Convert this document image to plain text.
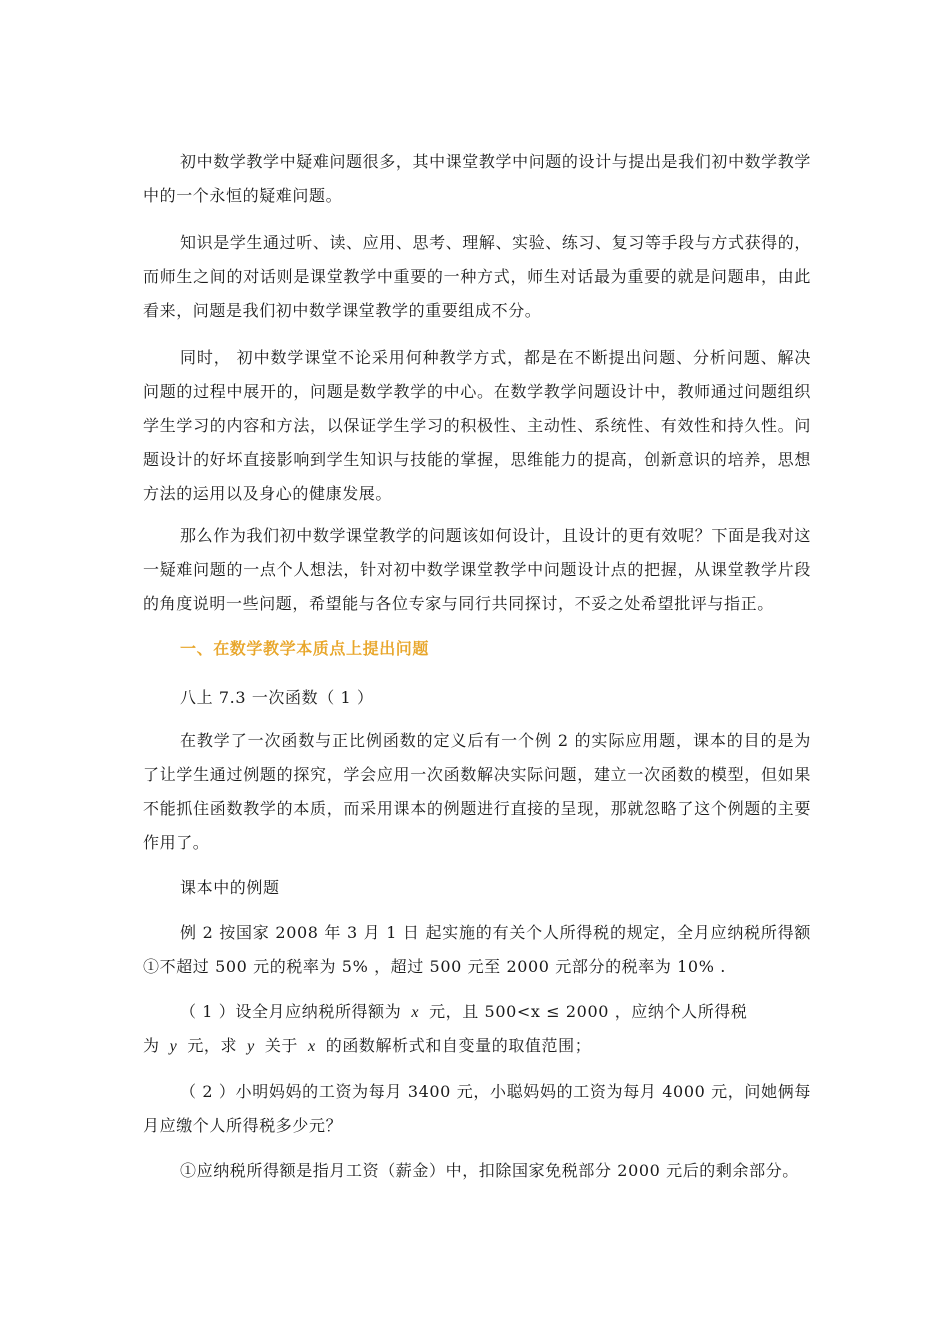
初中数学教学中疑难问题很多，其中课堂教学中问题的设计与提出是我们初中数学教学中的一个永恒的疑难问题。

知识是学生通过听、读、应用、思考、理解、实验、练习、复习等手段与方式获得的，而师生之间的对话则是课堂教学中重要的一种方式，师生对话最为重要的就是问题串，由此看来，问题是我们初中数学课堂教学的重要组成不分。

同时， 初中数学课堂不论采用何种教学方式，都是在不断提出问题、分析问题、解决问题的过程中展开的，问题是数学教学的中心。在数学教学问题设计中，教师通过问题组织学生学习的内容和方法，以保证学生学习的积极性、主动性、系统性、有效性和持久性。问题设计的好坏直接影响到学生知识与技能的掌握，思维能力的提高，创新意识的培养，思想方法的运用以及身心的健康发展。

那么作为我们初中数学课堂教学的问题该如何设计，且设计的更有效呢？下面是我对这一疑难问题的一点个人想法，针对初中数学课堂教学中问题设计点的把握，从课堂教学片段的角度说明一些问题，希望能与各位专家与同行共同探讨，不妥之处希望批评与指正。

一、在数学教学本质点上提出问题

八上 7.3 一次函数（ 1 ）

在教学了一次函数与正比例函数的定义后有一个例 2 的实际应用题，课本的目的是为了让学生通过例题的探究，学会应用一次函数解决实际问题，建立一次函数的模型，但如果不能抓住函数教学的本质，而采用课本的例题进行直接的呈现，那就忽略了这个例题的主要作用了。

课本中的例题

例 2 按国家 2008 年 3 月 1 日 起实施的有关个人所得税的规定，全月应纳税所得额①不超过 500 元的税率为 5% ，超过 500 元至 2000 元部分的税率为 10% .

（ 1 ）设全月应纳税所得额为 x 元，且 500<x ≤ 2000 ，应纳个人所得税

为 y 元，求 y 关于 x 的函数解析式和自变量的取值范围；

（ 2 ）小明妈妈的工资为每月 3400 元，小聪妈妈的工资为每月 4000 元，问她俩每月应缴个人所得税多少元？

①应纳税所得额是指月工资（薪金）中，扣除国家免税部分 2000 元后的剩余部分。
